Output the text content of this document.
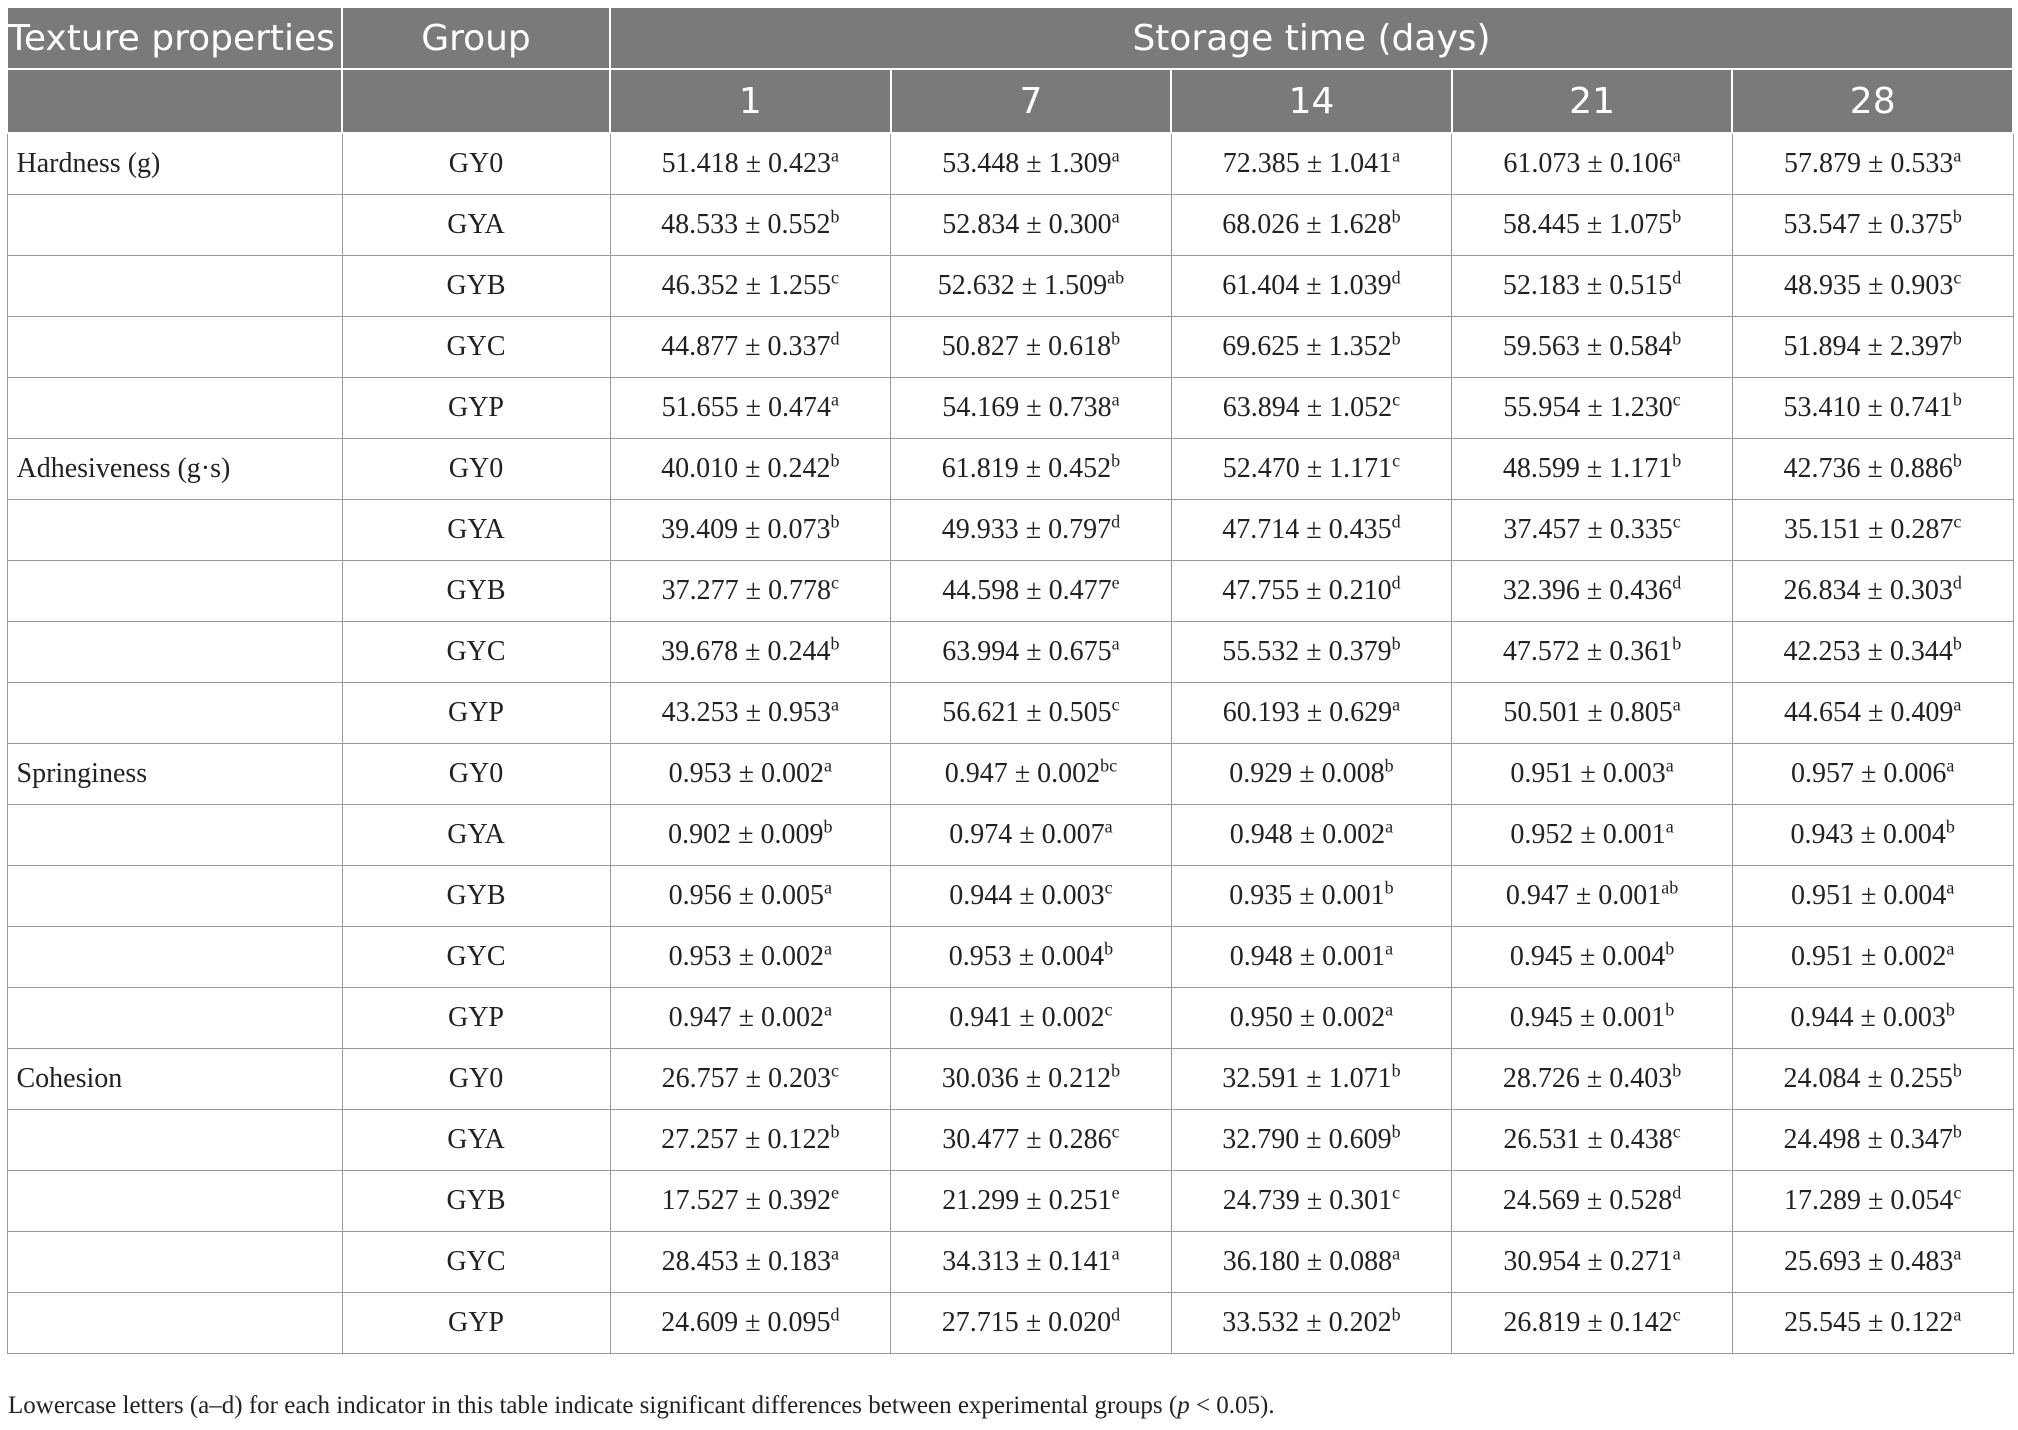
Texture properties	Group	Storage time (days)				
		1	7	14	21	28
Hardness (g)	GY0	51.418 ± 0.423$^a$	53.448 ± 1.309$^a$	72.385 ± 1.041$^a$	61.073 ± 0.106$^a$	57.879 ± 0.533$^a$
	GYA	48.533 ± 0.552$^b$	52.834 ± 0.300$^a$	68.026 ± 1.628$^b$	58.445 ± 1.075$^b$	53.547 ± 0.375$^b$
	GYB	46.352 ± 1.255$^c$	52.632 ± 1.509$^{ab}$	61.404 ± 1.039$^d$	52.183 ± 0.515$^d$	48.935 ± 0.903$^c$
	GYC	44.877 ± 0.337$^d$	50.827 ± 0.618$^b$	69.625 ± 1.352$^b$	59.563 ± 0.584$^b$	51.894 ± 2.397$^b$
	GYP	51.655 ± 0.474$^a$	54.169 ± 0.738$^a$	63.894 ± 1.052$^c$	55.954 ± 1.230$^c$	53.410 ± 0.741$^b$
Adhesiveness (g·s)	GY0	40.010 ± 0.242$^b$	61.819 ± 0.452$^b$	52.470 ± 1.171$^c$	48.599 ± 1.171$^b$	42.736 ± 0.886$^b$
	GYA	39.409 ± 0.073$^b$	49.933 ± 0.797$^d$	47.714 ± 0.435$^d$	37.457 ± 0.335$^c$	35.151 ± 0.287$^c$
	GYB	37.277 ± 0.778$^c$	44.598 ± 0.477$^e$	47.755 ± 0.210$^d$	32.396 ± 0.436$^d$	26.834 ± 0.303$^d$
	GYC	39.678 ± 0.244$^b$	63.994 ± 0.675$^a$	55.532 ± 0.379$^b$	47.572 ± 0.361$^b$	42.253 ± 0.344$^b$
	GYP	43.253 ± 0.953$^a$	56.621 ± 0.505$^c$	60.193 ± 0.629$^a$	50.501 ± 0.805$^a$	44.654 ± 0.409$^a$
Springiness	GY0	0.953 ± 0.002$^a$	0.947 ± 0.002$^{bc}$	0.929 ± 0.008$^b$	0.951 ± 0.003$^a$	0.957 ± 0.006$^a$
	GYA	0.902 ± 0.009$^b$	0.974 ± 0.007$^a$	0.948 ± 0.002$^a$	0.952 ± 0.001$^a$	0.943 ± 0.004$^b$
	GYB	0.956 ± 0.005$^a$	0.944 ± 0.003$^c$	0.935 ± 0.001$^b$	0.947 ± 0.001$^{ab}$	0.951 ± 0.004$^a$
	GYC	0.953 ± 0.002$^a$	0.953 ± 0.004$^b$	0.948 ± 0.001$^a$	0.945 ± 0.004$^b$	0.951 ± 0.002$^a$
	GYP	0.947 ± 0.002$^a$	0.941 ± 0.002$^c$	0.950 ± 0.002$^a$	0.945 ± 0.001$^b$	0.944 ± 0.003$^b$
Cohesion	GY0	26.757 ± 0.203$^c$	30.036 ± 0.212$^b$	32.591 ± 1.071$^b$	28.726 ± 0.403$^b$	24.084 ± 0.255$^b$
	GYA	27.257 ± 0.122$^b$	30.477 ± 0.286$^c$	32.790 ± 0.609$^b$	26.531 ± 0.438$^c$	24.498 ± 0.347$^b$
	GYB	17.527 ± 0.392$^e$	21.299 ± 0.251$^e$	24.739 ± 0.301$^c$	24.569 ± 0.528$^d$	17.289 ± 0.054$^c$
	GYC	28.453 ± 0.183$^a$	34.313 ± 0.141$^a$	36.180 ± 0.088$^a$	30.954 ± 0.271$^a$	25.693 ± 0.483$^a$
	GYP	24.609 ± 0.095$^d$	27.715 ± 0.020$^d$	33.532 ± 0.202$^b$	26.819 ± 0.142$^c$	25.545 ± 0.122$^a$
Lowercase letters (a–d) for each indicator in this table indicate significant differences between experimental groups (p < 0.05).
